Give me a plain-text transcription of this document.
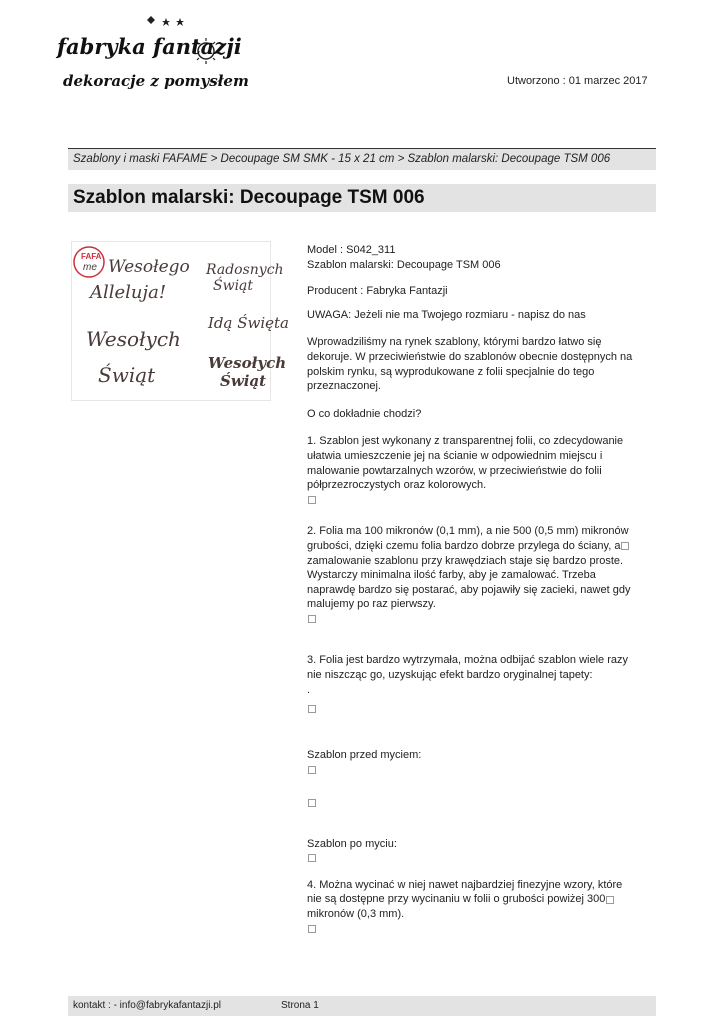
fabryka fantazji
dekoracje z pomysłem	Utworzono : 01 marzec 2017
Szablony i maski FAFAME > Decoupage SM SMK - 15 x 21 cm > Szablon malarski: Decoupage TSM 006
Szablon malarski: Decoupage TSM 006
FAFA
me Wesołego
Alleluja!
Radosnych
Świąt
Idą Święta
Wesołych
Świąt	Wesołych
Świąt

Model : S042_311

Szablon malarski: Decoupage TSM 006

Producent : Fabryka Fantazji

UWAGA: Jeżeli nie ma Twojego rozmiaru - napisz do nas

Wprowadziliśmy na rynek szablony, którymi bardzo łatwo się dekoruje. W przeciwieństwie do szablonów obecnie dostępnych na polskim rynku, są wyprodukowane z folii specjalnie do tego przeznaczonej.

O co dokładnie chodzi?

1. Szablon jest wykonany z transparentnej folii, co zdecydowanie ułatwia umieszczenie jej na ścianie w odpowiednim miejscu i malowanie powtarzalnych wzorów, w przeciwieństwie do folii półprzezroczystych oraz kolorowych.

2. Folia ma 100 mikronów (0,1 mm), a nie 500 (0,5 mm) mikronów grubości, dzięki czemu folia bardzo dobrze przylega do ściany, a zamalowanie szablonu przy krawędziach staje się bardzo proste. Wystarczy minimalna ilość farby, aby je zamalować. Trzeba naprawdę bardzo się postarać, aby pojawiły się zacieki, nawet gdy malujemy po raz pierwszy.

3. Folia jest bardzo wytrzymała, można odbijać szablon wiele razy nie niszcząc go, uzyskując efekt bardzo oryginalnej tapety:

.

Szablon przed myciem:

Szablon po myciu:

4. Można wycinać w niej nawet najbardziej finezyjne wzory, które nie są dostępne przy wycinaniu w folii o grubości powiżej 300 mikronów (0,3 mm).

kontakt : - info@fabrykafantazji.pl	Strona 1
